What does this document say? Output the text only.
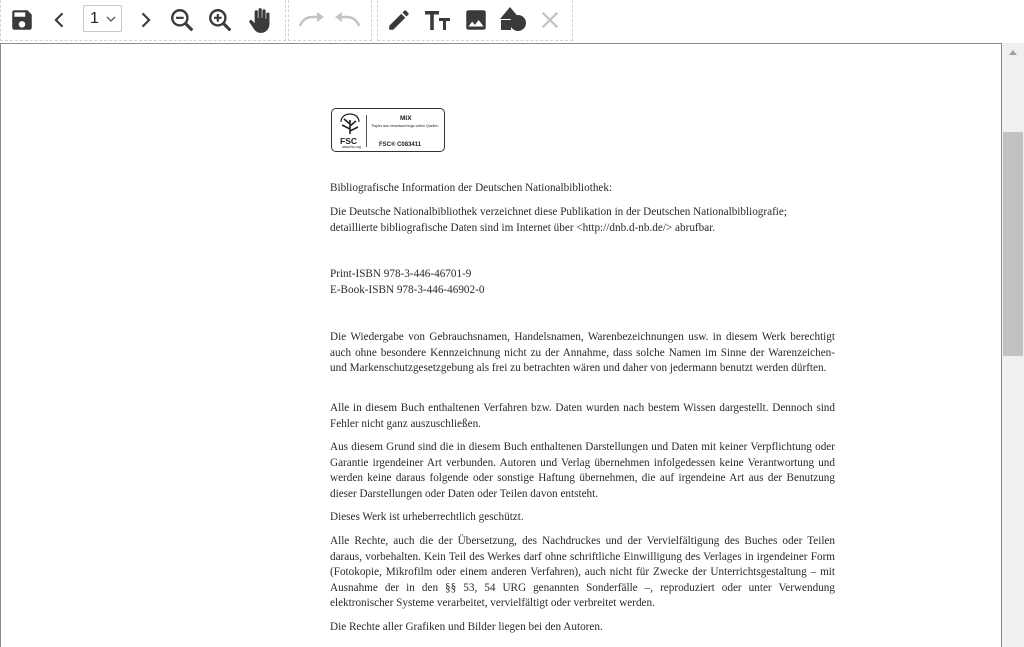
1
FSC
www.fsc.org
MIX
Papier aus verantwortungs-vollen Quellen
FSC® C083411

Bibliografische Information der Deutschen Nationalbibliothek:

Die Deutsche Nationalbibliothek verzeichnet diese Publikation in der Deutschen Nationalbibliografie;

detaillierte bibliografische Daten sind im Internet über <http://dnb.d-nb.de/> abrufbar.

Print-ISBN 978-3-446-46701-9

E-Book-ISBN 978-3-446-46902-0

Die Wiedergabe von Gebrauchsnamen, Handelsnamen, Warenbezeichnungen usw. in diesem Werk berechtigt auch ohne besondere Kennzeichnung nicht zu der Annahme, dass solche Namen im Sinne der Warenzeichen- und Markenschutzgesetzgebung als frei zu betrachten wären und daher von jedermann benutzt werden dürften.

Alle in diesem Buch enthaltenen Verfahren bzw. Daten wurden nach bestem Wissen dargestellt. Dennoch sind Fehler nicht ganz auszuschließen.

Aus diesem Grund sind die in diesem Buch enthaltenen Darstellungen und Daten mit keiner Verpflichtung oder Garantie irgendeiner Art verbunden. Autoren und Verlag übernehmen infolgedessen keine Verantwortung und werden keine daraus folgende oder sonstige Haftung übernehmen, die auf irgendeine Art aus der Benutzung dieser Darstellungen oder Daten oder Teilen davon entsteht.

Dieses Werk ist urheberrechtlich geschützt.

Alle Rechte, auch die der Übersetzung, des Nachdruckes und der Vervielfältigung des Buches oder Teilen daraus, vorbehalten. Kein Teil des Werkes darf ohne schriftliche Einwilligung des Verlages in irgendeiner Form (Fotokopie, Mikrofilm oder einem anderen Verfahren), auch nicht für Zwecke der Unterrichtsgestaltung – mit Ausnahme der in den §§ 53, 54 URG genannten Sonderfälle –, reproduziert oder unter Verwendung elektronischer Systeme verarbeitet, vervielfältigt oder verbreitet werden.

Die Rechte aller Grafiken und Bilder liegen bei den Autoren.
